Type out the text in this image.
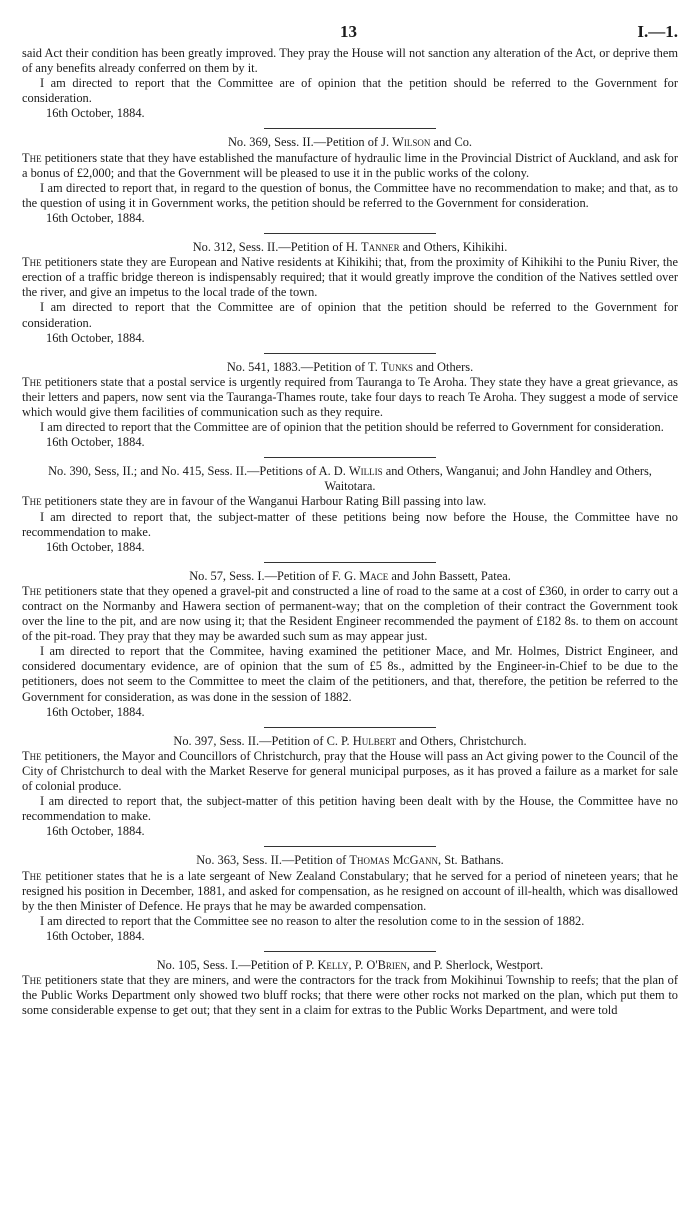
13	I.—1.

said Act their condition has been greatly improved. They pray the House will not sanction any alteration of the Act, or deprive them of any benefits already conferred on them by it.

I am directed to report that the Committee are of opinion that the petition should be referred to the Government for consideration.

16th October, 1884.
No. 369, Sess. II.—Petition of J. Wilson and Co.

The petitioners state that they have established the manufacture of hydraulic lime in the Provincial District of Auckland, and ask for a bonus of £2,000; and that the Government will be pleased to use it in the public works of the colony.

I am directed to report that, in regard to the question of bonus, the Committee have no recommendation to make; and that, as to the question of using it in Government works, the petition should be referred to the Government for consideration.

16th October, 1884.
No. 312, Sess. II.—Petition of H. Tanner and Others, Kihikihi.

The petitioners state they are European and Native residents at Kihikihi; that, from the proximity of Kihikihi to the Puniu River, the erection of a traffic bridge thereon is indispensably required; that it would greatly improve the condition of the Natives settled over the river, and give an impetus to the local trade of the town.

I am directed to report that the Committee are of opinion that the petition should be referred to the Government for consideration.

16th October, 1884.
No. 541, 1883.—Petition of T. Tunks and Others.

The petitioners state that a postal service is urgently required from Tauranga to Te Aroha. They state they have a great grievance, as their letters and papers, now sent via the Tauranga-Thames route, take four days to reach Te Aroha. They suggest a mode of service which would give them facilities of communication such as they require.

I am directed to report that the Committee are of opinion that the petition should be referred to Government for consideration.

16th October, 1884.
No. 390, Sess, II.; and No. 415, Sess. II.—Petitions of A. D. Willis and Others, Wanganui; and John Handley and Others, Waitotara.

The petitioners state they are in favour of the Wanganui Harbour Rating Bill passing into law.

I am directed to report that, the subject-matter of these petitions being now before the House, the Committee have no recommendation to make.

16th October, 1884.
No. 57, Sess. I.—Petition of F. G. Mace and John Bassett, Patea.

The petitioners state that they opened a gravel-pit and constructed a line of road to the same at a cost of £360, in order to carry out a contract on the Normanby and Hawera section of permanent-way; that on the completion of their contract the Government took over the line to the pit, and are now using it; that the Resident Engineer recommended the payment of £182 8s. to them on account of the pit-road. They pray that they may be awarded such sum as may appear just.

I am directed to report that the Commitee, having examined the petitioner Mace, and Mr. Holmes, District Engineer, and considered documentary evidence, are of opinion that the sum of £5 8s., admitted by the Engineer-in-Chief to be due to the petitioners, does not seem to the Committee to meet the claim of the petitioners, and that, therefore, the petition be referred to the Government for consideration, as was done in the session of 1882.

16th October, 1884.
No. 397, Sess. II.—Petition of C. P. Hulbert and Others, Christchurch.

The petitioners, the Mayor and Councillors of Christchurch, pray that the House will pass an Act giving power to the Council of the City of Christchurch to deal with the Market Reserve for general municipal purposes, as it has proved a failure as a market for sale of colonial produce.

I am directed to report that, the subject-matter of this petition having been dealt with by the House, the Committee have no recommendation to make.

16th October, 1884.
No. 363, Sess. II.—Petition of Thomas McGann, St. Bathans.

The petitioner states that he is a late sergeant of New Zealand Constabulary; that he served for a period of nineteen years; that he resigned his position in December, 1881, and asked for compensation, as he resigned on account of ill-health, which was disallowed by the then Minister of Defence. He prays that he may be awarded compensation.

I am directed to report that the Committee see no reason to alter the resolution come to in the session of 1882.

16th October, 1884.
No. 105, Sess. I.—Petition of P. Kelly, P. O'Brien, and P. Sherlock, Westport.

The petitioners state that they are miners, and were the contractors for the track from Mokihinui Township to reefs; that the plan of the Public Works Department only showed two bluff rocks; that there were other rocks not marked on the plan, which put them to some considerable expense to get out; that they sent in a claim for extras to the Public Works Department, and were told
